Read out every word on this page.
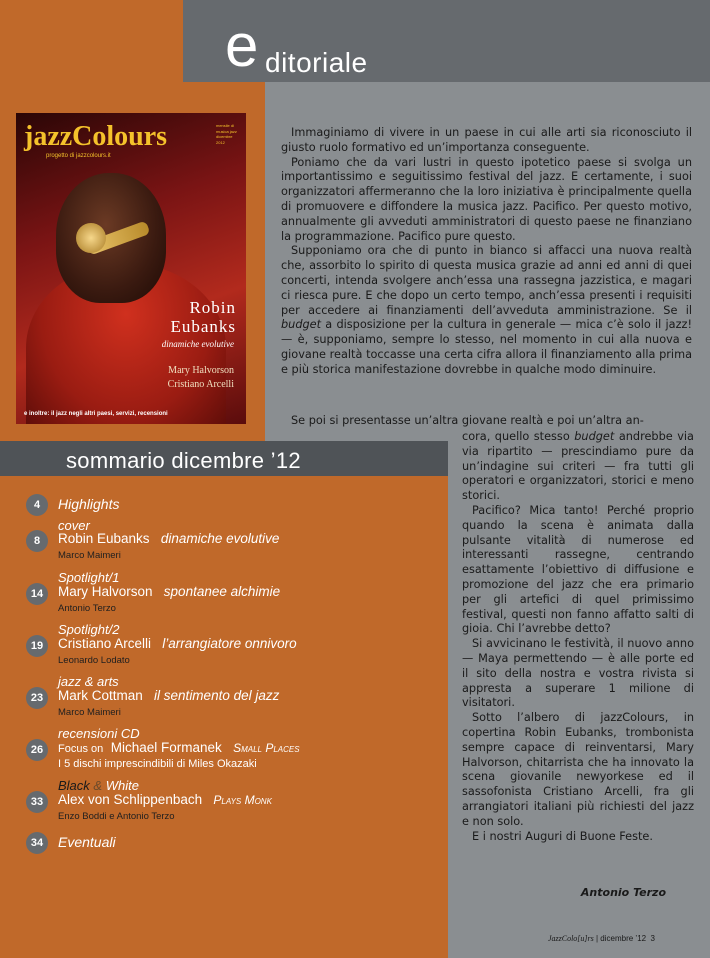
e ditoriale
jazzColours
progetto di jazzcolours.it
mensile di musica jazz dicembre 2012
Robin
Eubanks
dinamiche evolutive
Mary Halvorson
Cristiano Arcelli
e inoltre: il jazz negli altri paesi, servizi, recensioni

Immaginiamo di vivere in un paese in cui alle arti sia riconosciuto il giusto ruolo formativo ed un’importanza conseguente.

Poniamo che da vari lustri in questo ipotetico paese si svolga un importantissimo e seguitissimo festival del jazz. E certamente, i suoi organizzatori affermeranno che la loro iniziativa è principalmente quella di promuovere e diffondere la musica jazz. Pacifico. Per questo motivo, annualmente gli avveduti amministratori di questo paese ne finanziano la programmazione. Pacifico pure questo.

Supponiamo ora che di punto in bianco si affacci una nuova realtà che, assorbito lo spirito di questa musica grazie ad anni ed anni di quei concerti, intenda svolgere anch’essa una rassegna jazzistica, e magari ci riesca pure. E che dopo un certo tempo, anch’essa presenti i requisiti per accedere ai finanziamenti dell’avveduta amministrazione. Se il budget a disposizione per la cultura in generale — mica c’è solo il jazz! — è, supponiamo, sempre lo stesso, nel momento in cui alla nuova e giovane realtà toccasse una certa cifra allora il finanziamento alla prima e più storica manifestazione dovrebbe in qualche modo diminuire.

Se poi si presentasse un’altra giovane realtà e poi un’altra an-

cora, quello stesso budget andrebbe via via ripartito — prescindiamo pure da un’indagine sui criteri — fra tutti gli operatori e organizzatori, storici e meno storici.

Pacifico? Mica tanto! Perché proprio quando la scena è animata dalla pulsante vitalità di numerose ed interessanti rassegne, centrando esattamente l’obiettivo di diffusione e promozione del jazz che era primario per gli artefici di quel primissimo festival, questi non fanno affatto salti di gioia. Chi l’avrebbe detto?

Si avvicinano le festività, il nuovo anno — Maya permettendo — è alle porte ed il sito della nostra e vostra rivista si appresta a superare 1 milione di visitatori.

Sotto l’albero di jazzColours, in copertina Robin Eubanks, trombonista sempre capace di reinventarsi, Mary Halvorson, chitarrista che ha innovato la scena giovanile newyorkese ed il sassofonista Cristiano Arcelli, fra gli arrangiatori italiani più richiesti del jazz e non solo.

E i nostri Auguri di Buone Feste.

Antonio Terzo
sommario dicembre ’12
4	Highlights
cover
8	Robin Eubanks dinamiche evolutive
Marco Maimeri
Spotlight/1
14	Mary Halvorson spontanee alchimie
Antonio Terzo
Spotlight/2
19	Cristiano Arcelli l’arrangiatore onnivoro
Leonardo Lodato
jazz & arts
23	Mark Cottman il sentimento del jazz
Marco Maimeri
recensioni CD
26	Focus on Michael Formanek Small Places
I 5 dischi imprescindibili di Miles Okazaki
Black & White
33	Alex von Schlippenbach Plays Monk
Enzo Boddi e Antonio Terzo
34	Eventuali
JazzColo[u]rs | dicembre ’12 3
